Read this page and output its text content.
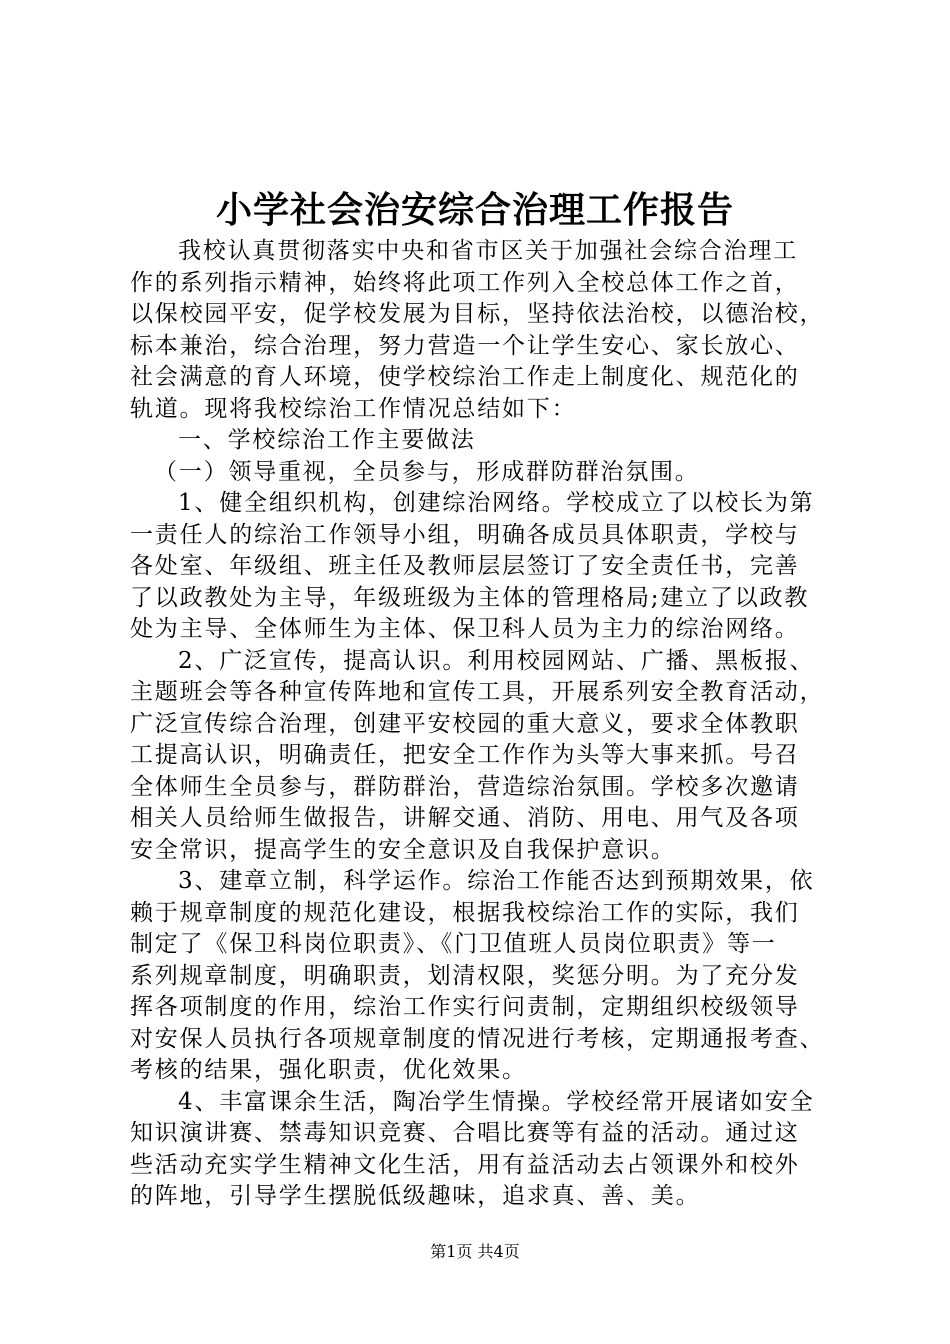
小学社会治安综合治理工作报告
我校认真贯彻落实中央和省市区关于加强社会综合治理工
作的系列指示精神，始终将此项工作列入全校总体工作之首，
以保校园平安，促学校发展为目标，坚持依法治校，以德治校，
标本兼治，综合治理，努力营造一个让学生安心、家长放心、
社会满意的育人环境，使学校综治工作走上制度化、规范化的
轨道。现将我校综治工作情况总结如下：
一、学校综治工作主要做法
（一）领导重视，全员参与，形成群防群治氛围。
1、健全组织机构，创建综治网络。学校成立了以校长为第
一责任人的综治工作领导小组，明确各成员具体职责，学校与
各处室、年级组、班主任及教师层层签订了安全责任书，完善
了以政教处为主导，年级班级为主体的管理格局;建立了以政教
处为主导、全体师生为主体、保卫科人员为主力的综治网络。
2、广泛宣传，提高认识。利用校园网站、广播、黑板报、
主题班会等各种宣传阵地和宣传工具，开展系列安全教育活动，
广泛宣传综合治理，创建平安校园的重大意义，要求全体教职
工提高认识，明确责任，把安全工作作为头等大事来抓。号召
全体师生全员参与，群防群治，营造综治氛围。学校多次邀请
相关人员给师生做报告，讲解交通、消防、用电、用气及各项
安全常识，提高学生的安全意识及自我保护意识。
3、建章立制，科学运作。综治工作能否达到预期效果，依
赖于规章制度的规范化建设，根据我校综治工作的实际，我们
制定了《保卫科岗位职责》、《门卫值班人员岗位职责》等一
系列规章制度，明确职责，划清权限，奖惩分明。为了充分发
挥各项制度的作用，综治工作实行问责制，定期组织校级领导
对安保人员执行各项规章制度的情况进行考核，定期通报考查、
考核的结果，强化职责，优化效果。
4、丰富课余生活，陶冶学生情操。学校经常开展诸如安全
知识演讲赛、禁毒知识竞赛、合唱比赛等有益的活动。通过这
些活动充实学生精神文化生活，用有益活动去占领课外和校外
的阵地，引导学生摆脱低级趣味，追求真、善、美。
第1页 共4页
